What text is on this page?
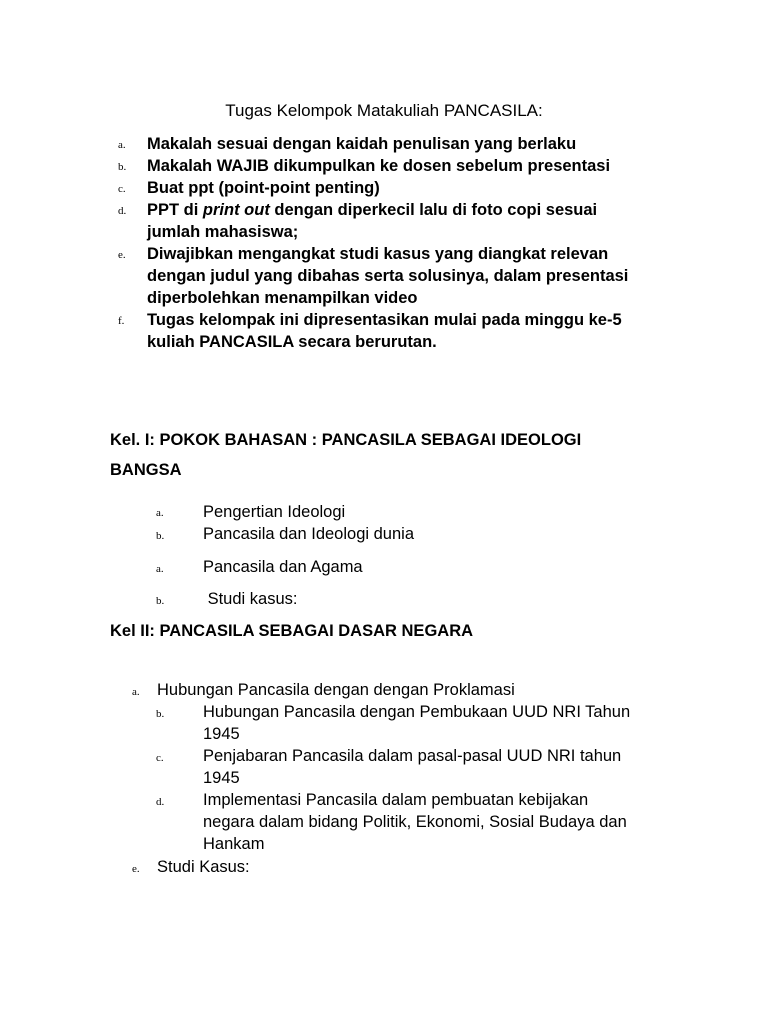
Tugas Kelompok Matakuliah PANCASILA:
a. Makalah sesuai dengan kaidah penulisan yang berlaku
b. Makalah WAJIB dikumpulkan ke dosen sebelum presentasi
c. Buat ppt (point-point penting)
d. PPT di print out dengan diperkecil lalu di foto copi sesuai
jumlah mahasiswa;
e. Diwajibkan mengangkat studi kasus yang diangkat relevan
dengan judul yang dibahas serta solusinya, dalam presentasi
diperbolehkan menampilkan video
f. Tugas kelompak ini dipresentasikan mulai pada minggu ke-5
kuliah PANCASILA secara berurutan.
Kel. I: POKOK BAHASAN : PANCASILA SEBAGAI IDEOLOGI
BANGSA
a. Pengertian Ideologi
b. Pancasila dan Ideologi dunia
a. Pancasila dan Agama
b. Studi kasus:
Kel II: PANCASILA SEBAGAI DASAR NEGARA
a. Hubungan Pancasila dengan dengan Proklamasi
b. Hubungan Pancasila dengan Pembukaan UUD NRI Tahun
1945
c. Penjabaran Pancasila dalam pasal-pasal UUD NRI tahun
1945
d. Implementasi Pancasila dalam pembuatan kebijakan
negara dalam bidang Politik, Ekonomi, Sosial Budaya dan
Hankam
e. Studi Kasus:
